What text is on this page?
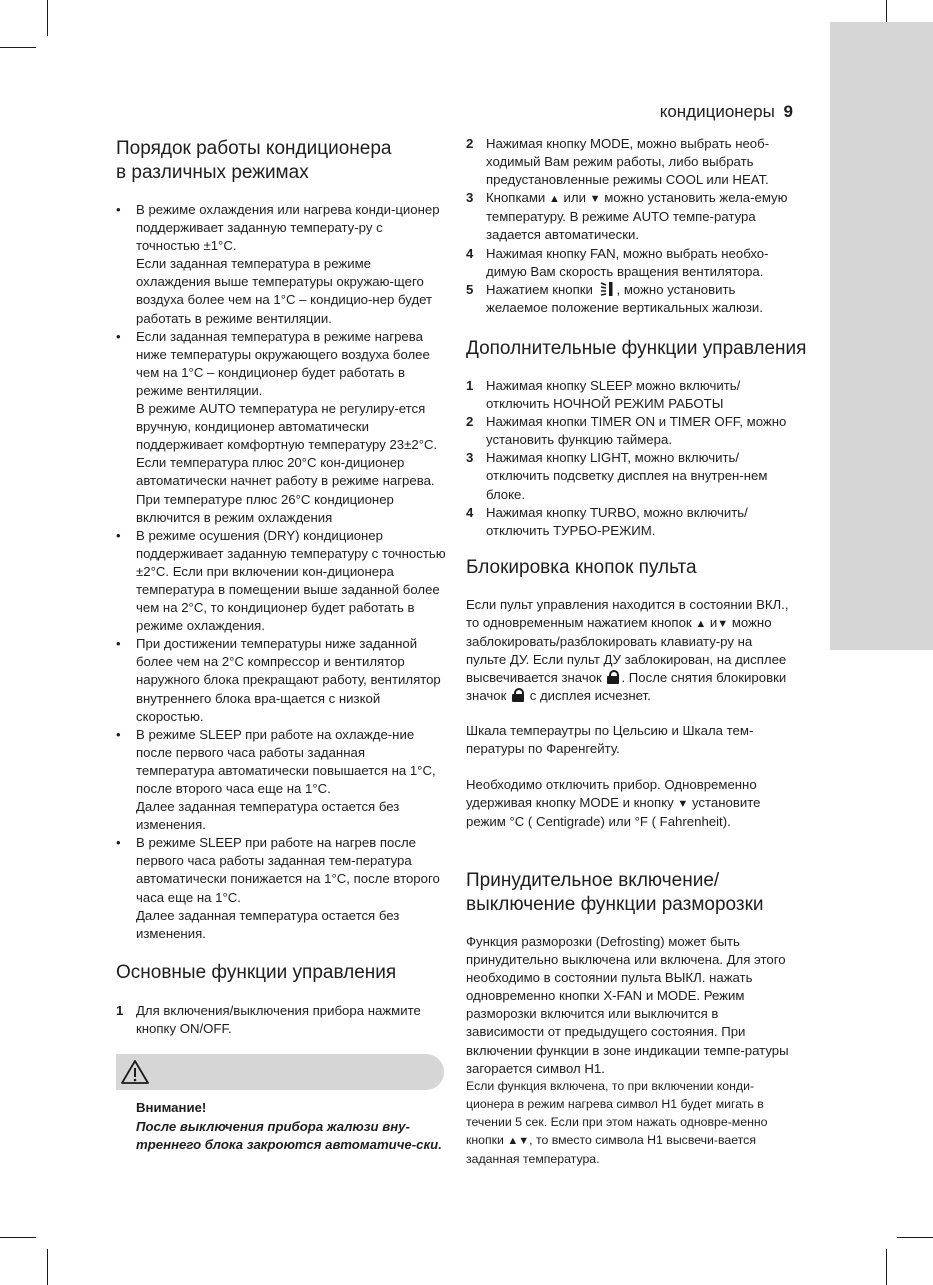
кондиционеры 9
Порядок работы кондиционера
в различных режимах
• В режиме охлаждения или нагрева конди-ционер поддерживает заданную температу-ру с точностью ±1°C.
Если заданная температура в режиме охлаждения выше температуры окружаю-щего воздуха более чем на 1°C – кондицио-нер будет работать в режиме вентиляции.
• Если заданная температура в режиме нагрева ниже температуры окружающего воздуха более чем на 1°C – кондиционер будет работать в режиме вентиляции.
В режиме AUTO температура не регулиру-ется вручную, кондиционер автоматически поддерживает комфортную температуру 23±2°С. Если температура плюс 20°С кон-диционер автоматически начнет работу в режиме нагрева. При температуре плюс 26°С кондиционер включится в режим охлаждения
• В режиме осушения (DRY) кондиционер поддерживает заданную температуру с точностью ±2°C. Если при включении кон-диционера температура в помещении выше заданной более чем на 2°C, то кондиционер будет работать в режиме охлаждения.
• При достижении температуры ниже заданной более чем на 2°C компрессор и вентилятор наружного блока прекращают работу, вентилятор внутреннего блока вра-щается с низкой скоростью.
• В режиме SLEEP при работе на охлажде-ние после первого часа работы заданная температура автоматически повышается на 1°C, после второго часа еще на 1°C.
Далее заданная температура остается без изменения.
• В режиме SLEEP при работе на нагрев после первого часа работы заданная тем-пература автоматически понижается на 1°C, после второго часа еще на 1°C.
Далее заданная температура остается без изменения.
Основные функции управления
1 Для включения/выключения прибора нажмите кнопку ON/OFF.
Внимание!
После выключения прибора жалюзи вну-треннего блока закроются автоматиче-ски.
2 Нажимая кнопку MODE, можно выбрать необ-ходимый Вам режим работы, либо выбрать предустановленные режимы COOL или HEAT.
3 Кнопками ▲ или ▼ можно установить жела-емую температуру. В режиме AUTO темпе-ратура задается автоматически.
4 Нажимая кнопку FAN, можно выбрать необхо-димую Вам скорость вращения вентилятора.
5 Нажатием кнопки , можно установить желаемое положение вертикальных жалюзи.
Дополнительные функции управления
1 Нажимая кнопку SLEEP можно включить/ отключить НОЧНОЙ РЕЖИМ РАБОТЫ
2 Нажимая кнопки TIMER ON и TIMER OFF, можно установить функцию таймера.
3 Нажимая кнопку LIGHT, можно включить/ отключить подсветку дисплея на внутрен-нем блоке.
4 Нажимая кнопку TURBO, можно включить/ отключить ТУРБО-РЕЖИМ.
Блокировка кнопок пульта

Если пульт управления находится в состоянии ВКЛ., то одновременным нажатием кнопок ▲ и▼ можно заблокировать/разблокировать клавиату-ру на пульте ДУ. Если пульт ДУ заблокирован, на дисплее высвечивается значок . После снятия блокировки значок с дисплея исчезнет.

Шкала темпераутры по Цельсию и Шкала тем-пературы по Фаренгейту.

Необходимо отключить прибор. Одновременно удерживая кнопку MODE и кнопку ▼ установите режим °C ( Centigrade) или °F ( Fahrenheit).

Принудительное включение/
выключение функции разморозки

Функция разморозки (Defrosting) может быть принудительно выключена или включена. Для этого необходимо в состоянии пульта ВЫКЛ. нажать одновременно кнопки X-FAN и MODE. Режим разморозки включится или выключится в зависимости от предыдущего состояния. При включении функции в зоне индикации темпе-ратуры загорается символ H1.

Если функция включена, то при включении конди-ционера в режим нагрева символ H1 будет мигать в течении 5 сек. Если при этом нажать одновре-менно кнопки ▲▼, то вместо символа H1 высвечи-вается заданная температура.
